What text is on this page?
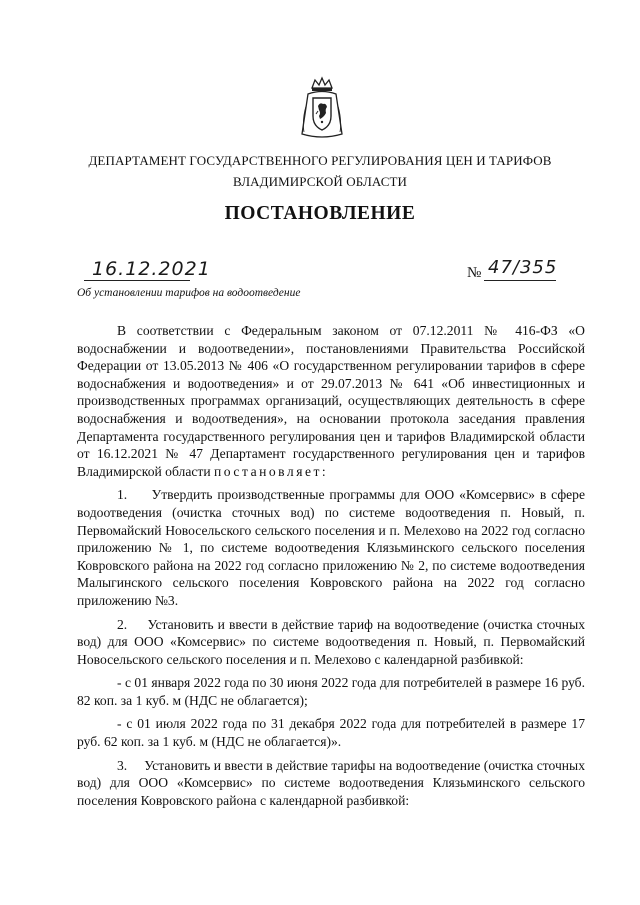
ДЕПАРТАМЕНТ ГОСУДАРСТВЕННОГО РЕГУЛИРОВАНИЯ ЦЕН И ТАРИФОВ
ВЛАДИМИРСКОЙ ОБЛАСТИ
ПОСТАНОВЛЕНИЕ
16.12.2021	№ 47/355
Об установлении тарифов на водоотведение

В соответствии с Федеральным законом от 07.12.2011 № 416-ФЗ «О водоснабжении и водоотведении», постановлениями Правительства Российской Федерации от 13.05.2013 № 406 «О государственном регулировании тарифов в сфере водоснабжения и водоотведения» и от 29.07.2013 № 641 «Об инвестиционных и производственных программах организаций, осуществляющих деятельность в сфере водоснабжения и водоотведения», на основании протокола заседания правления Департамента государственного регулирования цен и тарифов Владимирской области от 16.12.2021 № 47 Департамент государственного регулирования цен и тарифов Владимирской области постановляет:

1.     Утвердить производственные программы для ООО «Комсервис» в сфере водоотведения (очистка сточных вод) по системе водоотведения п. Новый, п. Первомайский Новосельского сельского поселения и п. Мелехово на 2022 год согласно приложению № 1, по системе водоотведения Клязьминского сельского поселения Ковровского района на 2022 год согласно приложению № 2, по системе водоотведения Малыгинского сельского поселения Ковровского района на 2022 год согласно приложению №3.

2.     Установить и ввести в действие тариф на водоотведение (очистка сточных вод) для ООО «Комсервис» по системе водоотведения п. Новый, п. Первомайский Новосельского сельского поселения и п. Мелехово с календарной разбивкой:

- с 01 января 2022 года по 30 июня 2022 года для потребителей в размере 16 руб. 82 коп. за 1 куб. м (НДС не облагается);

- с 01 июля 2022 года по 31 декабря 2022 года для потребителей в размере 17 руб. 62 коп. за 1 куб. м (НДС не облагается)».

3.     Установить и ввести в действие тарифы на водоотведение (очистка сточных вод) для ООО «Комсервис» по системе водоотведения Клязьминского сельского поселения Ковровского района с календарной разбивкой:
